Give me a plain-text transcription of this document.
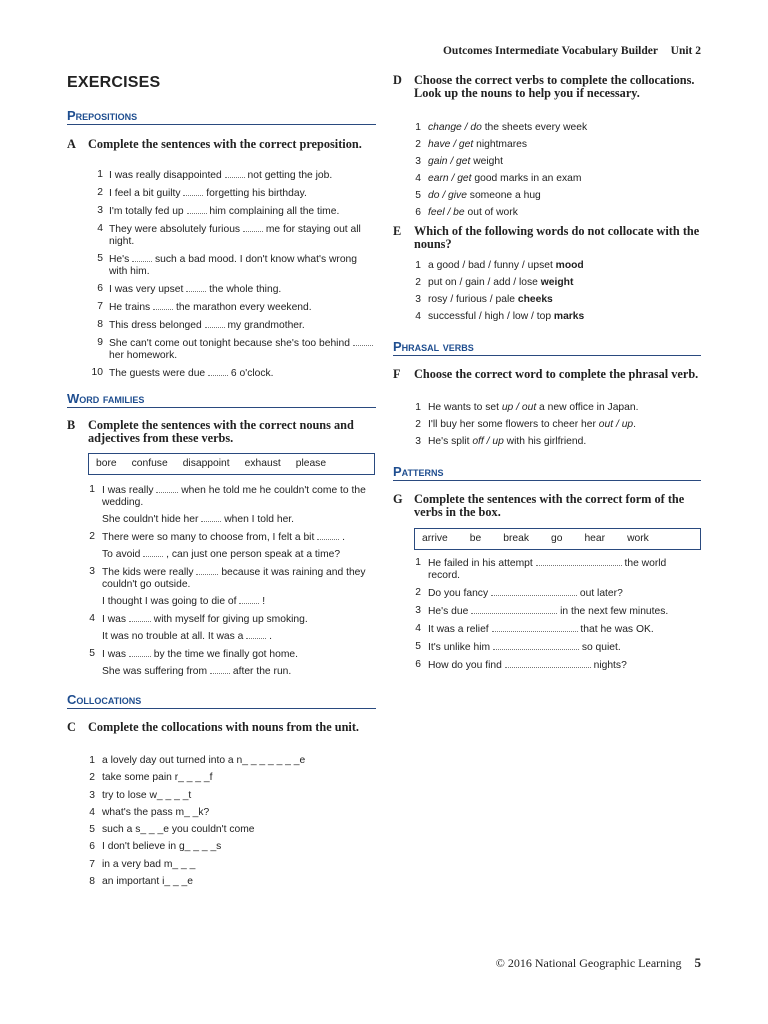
Outcomes Intermediate Vocabulary Builder Unit 2
EXERCISES
Prepositions
A Complete the sentences with the correct preposition.
1 I was really disappointed	not getting the job.
2 I feel a bit guilty	forgetting his birthday.
3 I'm totally fed up	him complaining all the time.
4 They were absolutely furious	me for staying out all night.
5 He's	such a bad mood. I don't know what's wrong with him.
6 I was very upset	the whole thing.
7 He trains	the marathon every weekend.
8 This dress belonged	my grandmother.
9 She can't come out tonight because she's too behind  her homework.
10 The guests were due	6 o'clock.
Word families
B Complete the sentences with the correct nouns and adjectives from these verbs.
bore confuse disappoint exhaust please
1 I was really	when he told me he couldn't come to the wedding.
She couldn't hide her	when I told her.
2 There were so many to choose from, I felt a bit	.
To avoid	, can just one person speak at a time?
3 The kids were really	because it was raining and they couldn't go outside.
I thought I was going to die of	!
4 I was	with myself for giving up smoking.
It was no trouble at all. It was a	.
5 I was	by the time we finally got home.
She was suffering from	after the run.
Collocations
C Complete the collocations with nouns from the unit.
1 a lovely day out turned into a n_ _ _ _ _ _ _e
2 take some pain r_ _ _ _f
3 try to lose w_ _ _ _t
4 what's the pass m_ _k?
5 such a s_ _ _e you couldn't come
6 I don't believe in g_ _ _ _s
7 in a very bad m_ _ _
8 an important i_ _ _e
D Choose the correct verbs to complete the collocations. Look up the nouns to help you if necessary.
1 change / do the sheets every week
2 have / get nightmares
3 gain / get weight
4 earn / get good marks in an exam
5 do / give someone a hug
6 feel / be out of work
E Which of the following words do not collocate with the nouns?
1 a good / bad / funny / upset mood
2 put on / gain / add / lose weight
3 rosy / furious / pale cheeks
4 successful / high / low / top marks
Phrasal verbs
F Choose the correct word to complete the phrasal verb.
1 He wants to set up / out a new office in Japan.
2 I'll buy her some flowers to cheer her out / up.
3 He's split off / up with his girlfriend.
Patterns
G Complete the sentences with the correct form of the verbs in the box.
arrive be break go hear work
1 He failed in his attempt	the world record.
2 Do you fancy	out later?
3 He's due	in the next few minutes.
4 It was a relief	that he was OK.
5 It's unlike him	so quiet.
6 How do you find	nights?
© 2016 National Geographic Learning 5
